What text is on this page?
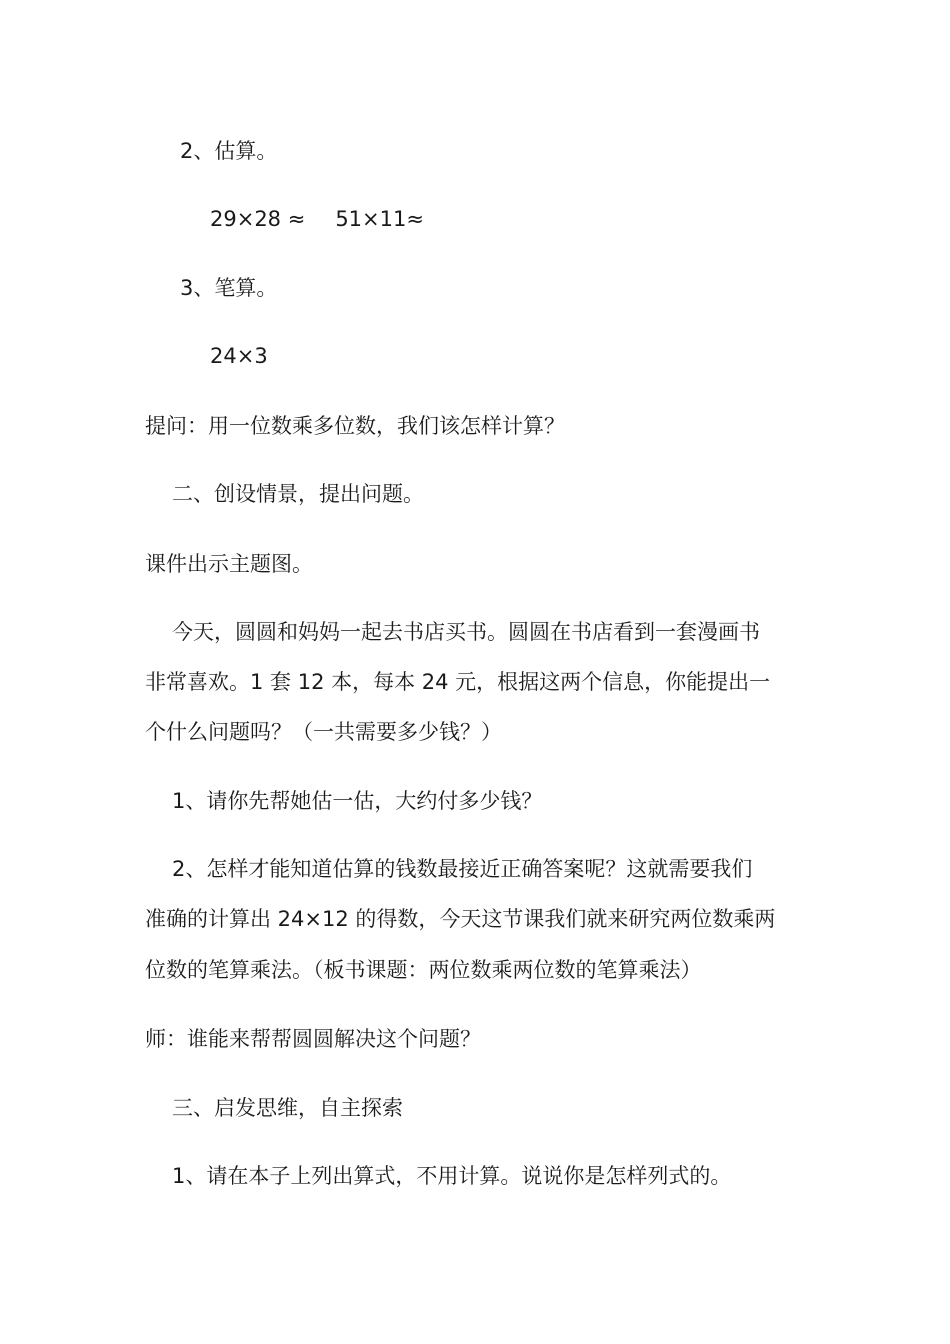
2、估算。
29×28 ≈ 51×11≈
3、笔算。
24×3
提问：用一位数乘多位数，我们该怎样计算？
二、创设情景，提出问题。
课件出示主题图。
今天，圆圆和妈妈一起去书店买书。圆圆在书店看到一套漫画书
非常喜欢。1 套 12 本，每本 24 元，根据这两个信息，你能提出一
个什么问题吗？（一共需要多少钱？）
1、请你先帮她估一估，大约付多少钱？
2、怎样才能知道估算的钱数最接近正确答案呢？这就需要我们
准确的计算出 24×12 的得数，今天这节课我们就来研究两位数乘两
位数的笔算乘法。（板书课题：两位数乘两位数的笔算乘法）
师：谁能来帮帮圆圆解决这个问题？
三、启发思维，自主探索
1、请在本子上列出算式，不用计算。说说你是怎样列式的。
